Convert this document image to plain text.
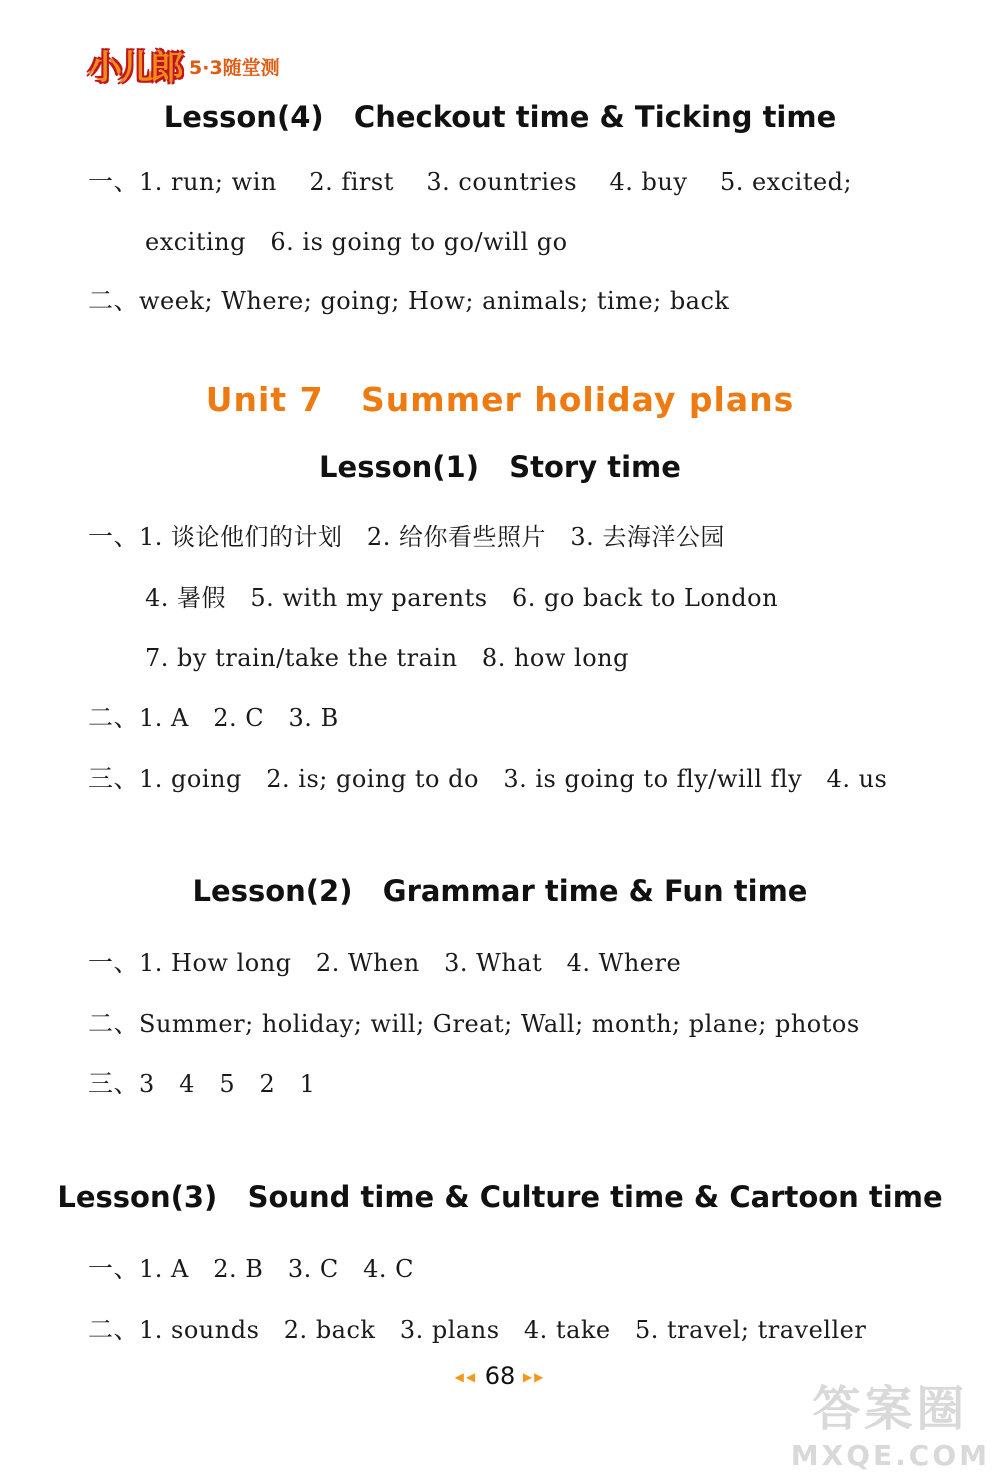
小儿郎 5·3随堂测
Lesson(4)   Checkout time & Ticking time
一、1. run; win    2. first    3. countries    4. buy    5. excited;
exciting   6. is going to go/will go
二、week; Where; going; How; animals; time; back
Unit 7   Summer holiday plans
Lesson(1)   Story time
一、1. 谈论他们的计划   2. 给你看些照片   3. 去海洋公园
4. 暑假   5. with my parents   6. go back to London
7. by train/take the train   8. how long
二、1. A   2. C   3. B
三、1. going   2. is; going to do   3. is going to fly/will fly   4. us
Lesson(2)   Grammar time & Fun time
一、1. How long   2. When   3. What   4. Where
二、Summer; holiday; will; Great; Wall; month; plane; photos
三、3   4   5   2   1
Lesson(3)   Sound time & Culture time & Cartoon time
一、1. A   2. B   3. C   4. C
二、1. sounds   2. back   3. plans   4. take   5. travel; traveller
◀◀ 68 ▶▶
答案圈
MXQE.COM
